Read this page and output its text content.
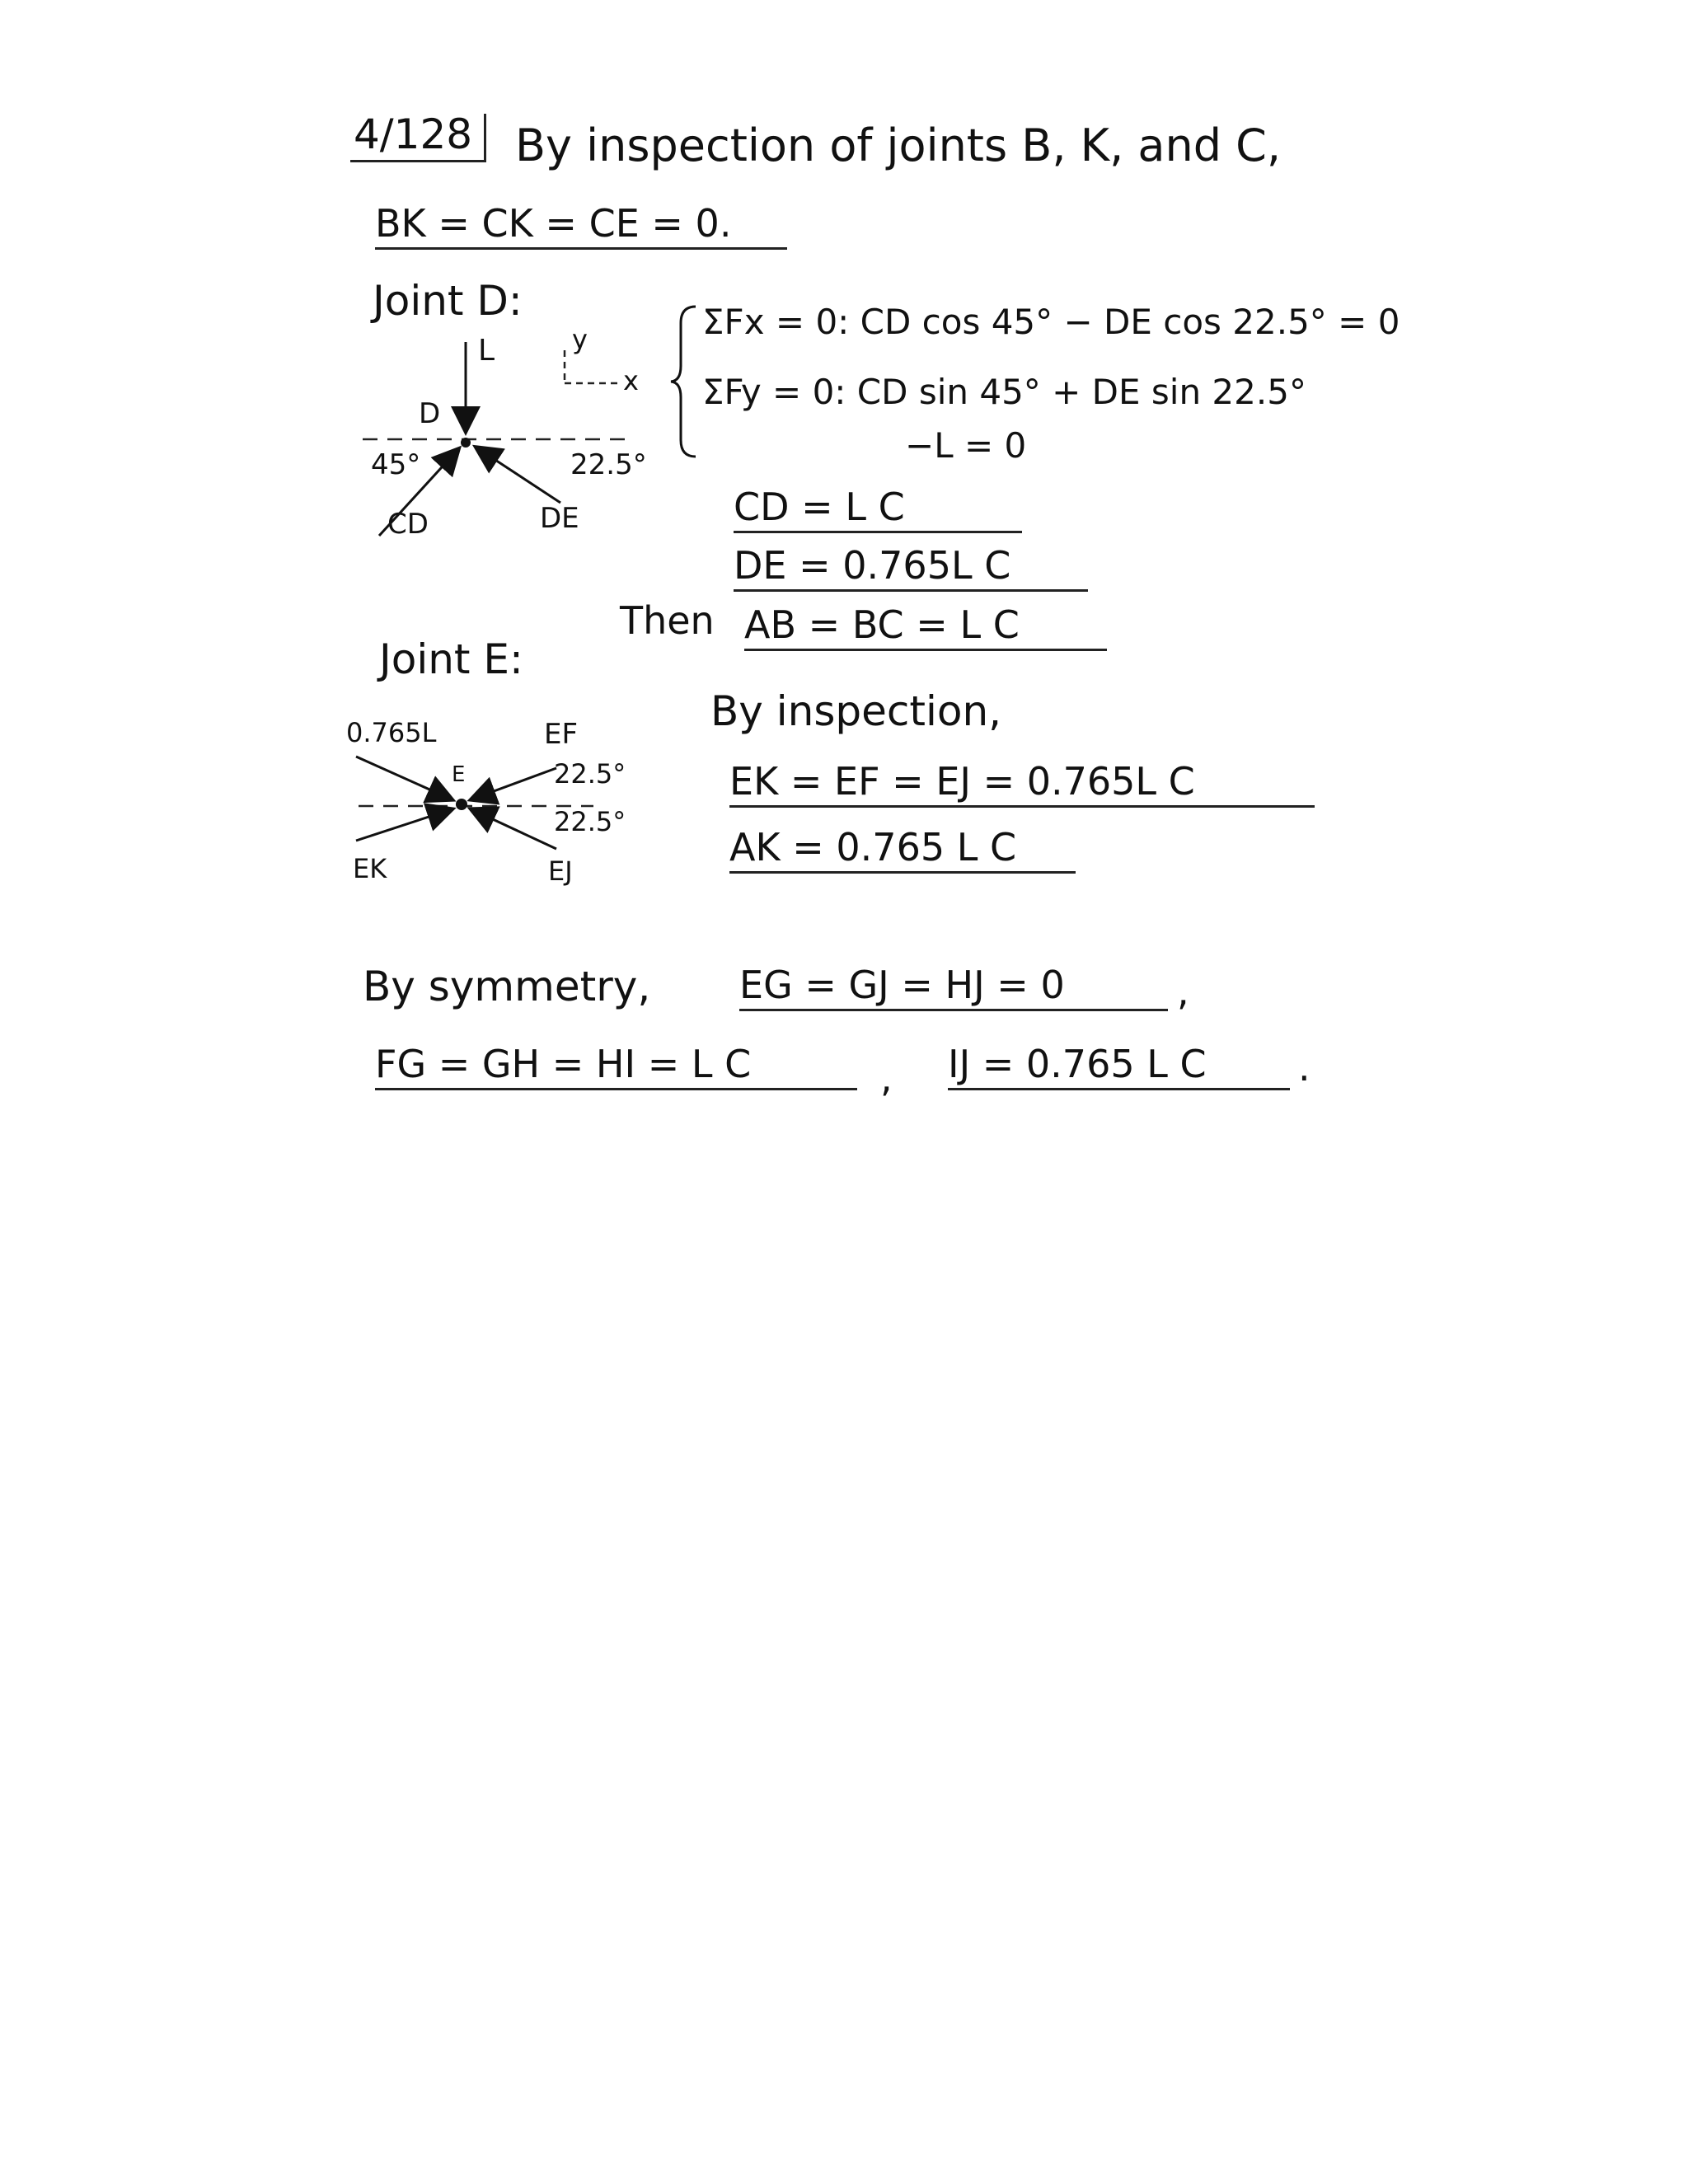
4/128 By inspection of joints B, K, and C,
BK = CK = CE = 0.
Joint D:
L
D
y
x
45°	22.5°
CD	DE
ΣFx = 0: CD cos 45° − DE cos 22.5° = 0
ΣFy = 0: CD sin 45° + DE sin 22.5°
−L = 0
CD = L C
DE = 0.765L C
Then AB = BC = L C
Joint E:
0.765L	EF
E	22.5°
22.5°
EK	EJ
By inspection,
EK = EF = EJ = 0.765L C
AK = 0.765 L C
By symmetry, EG = GJ = HJ = 0	,
FG = GH = HI = L C	, IJ = 0.765 L C	.
